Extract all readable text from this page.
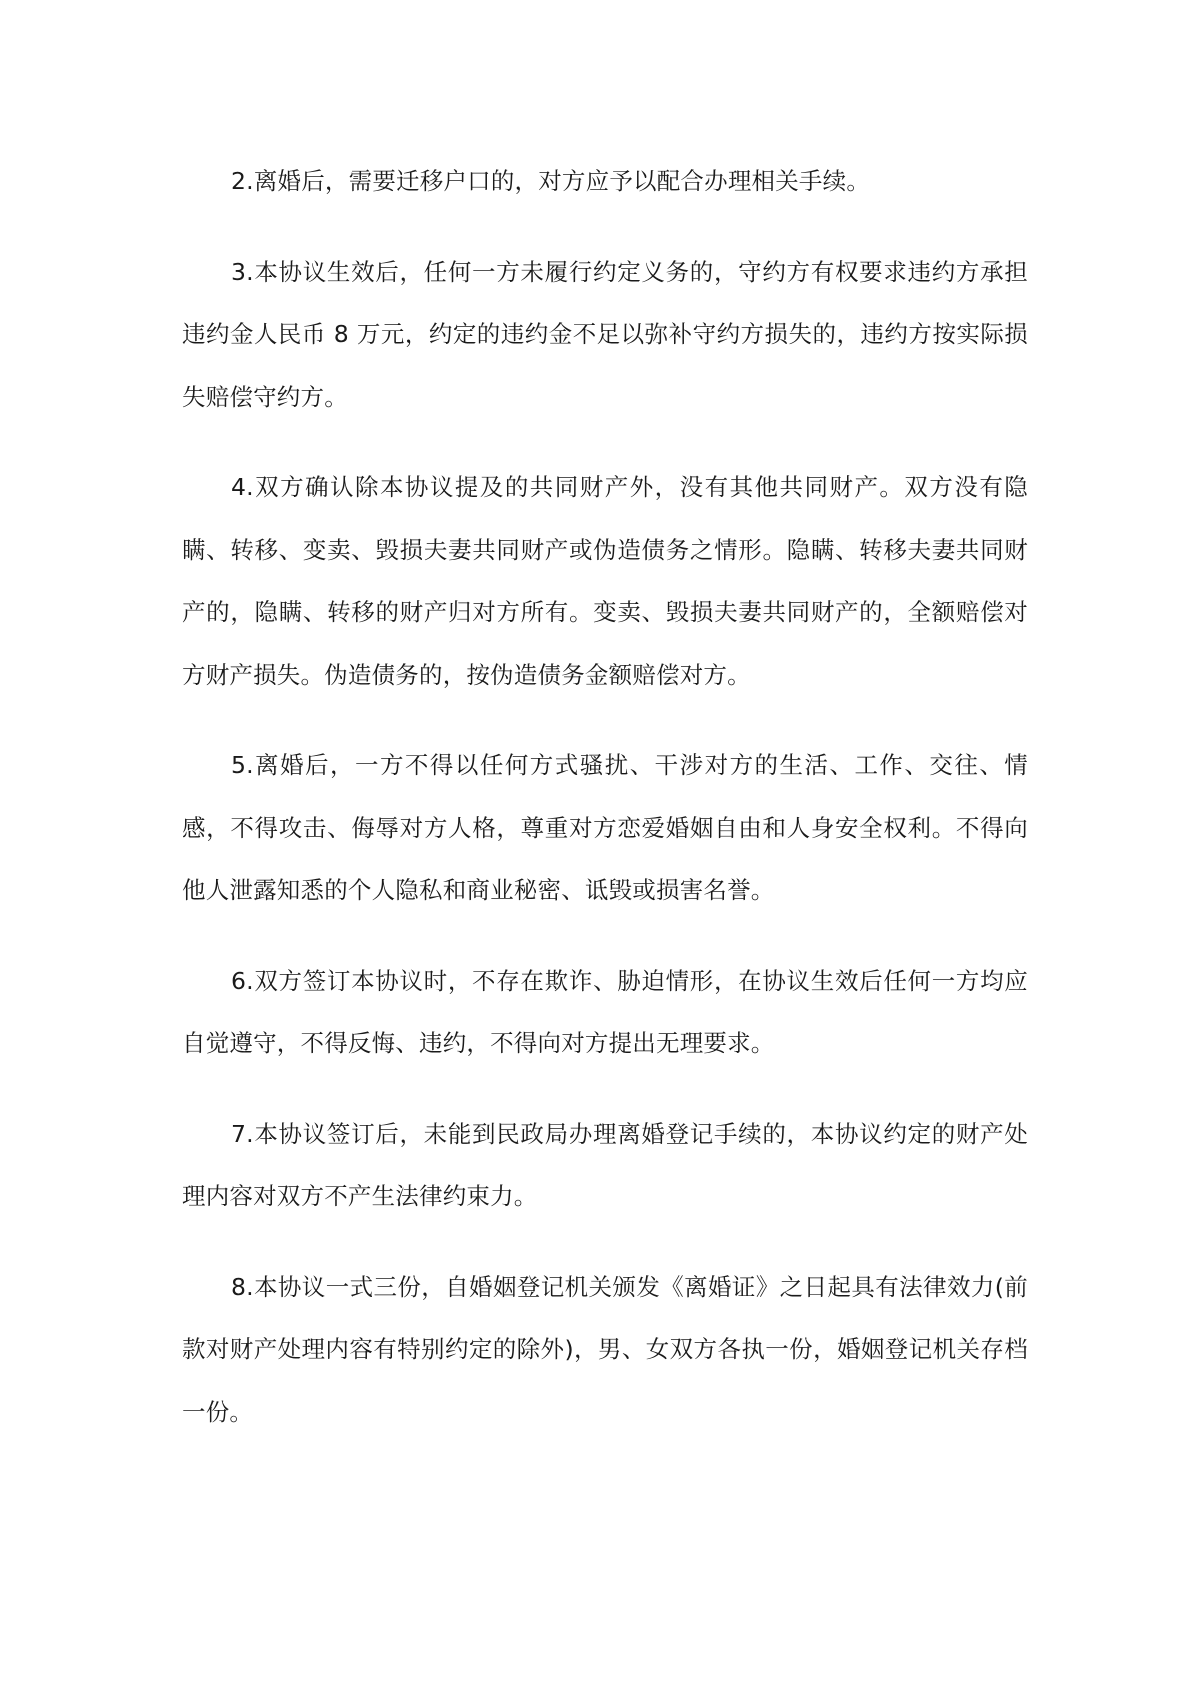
2.离婚后，需要迁移户口的，对方应予以配合办理相关手续。

3.本协议生效后，任何一方未履行约定义务的，守约方有权要求违约方承担违约金人民币 8 万元，约定的违约金不足以弥补守约方损失的，违约方按实际损失赔偿守约方。

4.双方确认除本协议提及的共同财产外，没有其他共同财产。双方没有隐瞒、转移、变卖、毁损夫妻共同财产或伪造债务之情形。隐瞒、转移夫妻共同财产的，隐瞒、转移的财产归对方所有。变卖、毁损夫妻共同财产的，全额赔偿对方财产损失。伪造债务的，按伪造债务金额赔偿对方。

5.离婚后，一方不得以任何方式骚扰、干涉对方的生活、工作、交往、情感，不得攻击、侮辱对方人格，尊重对方恋爱婚姻自由和人身安全权利。不得向他人泄露知悉的个人隐私和商业秘密、诋毁或损害名誉。

6.双方签订本协议时，不存在欺诈、胁迫情形，在协议生效后任何一方均应自觉遵守，不得反悔、违约，不得向对方提出无理要求。

7.本协议签订后，未能到民政局办理离婚登记手续的，本协议约定的财产处理内容对双方不产生法律约束力。

8.本协议一式三份，自婚姻登记机关颁发《离婚证》之日起具有法律效力(前款对财产处理内容有特别约定的除外)，男、女双方各执一份，婚姻登记机关存档一份。
